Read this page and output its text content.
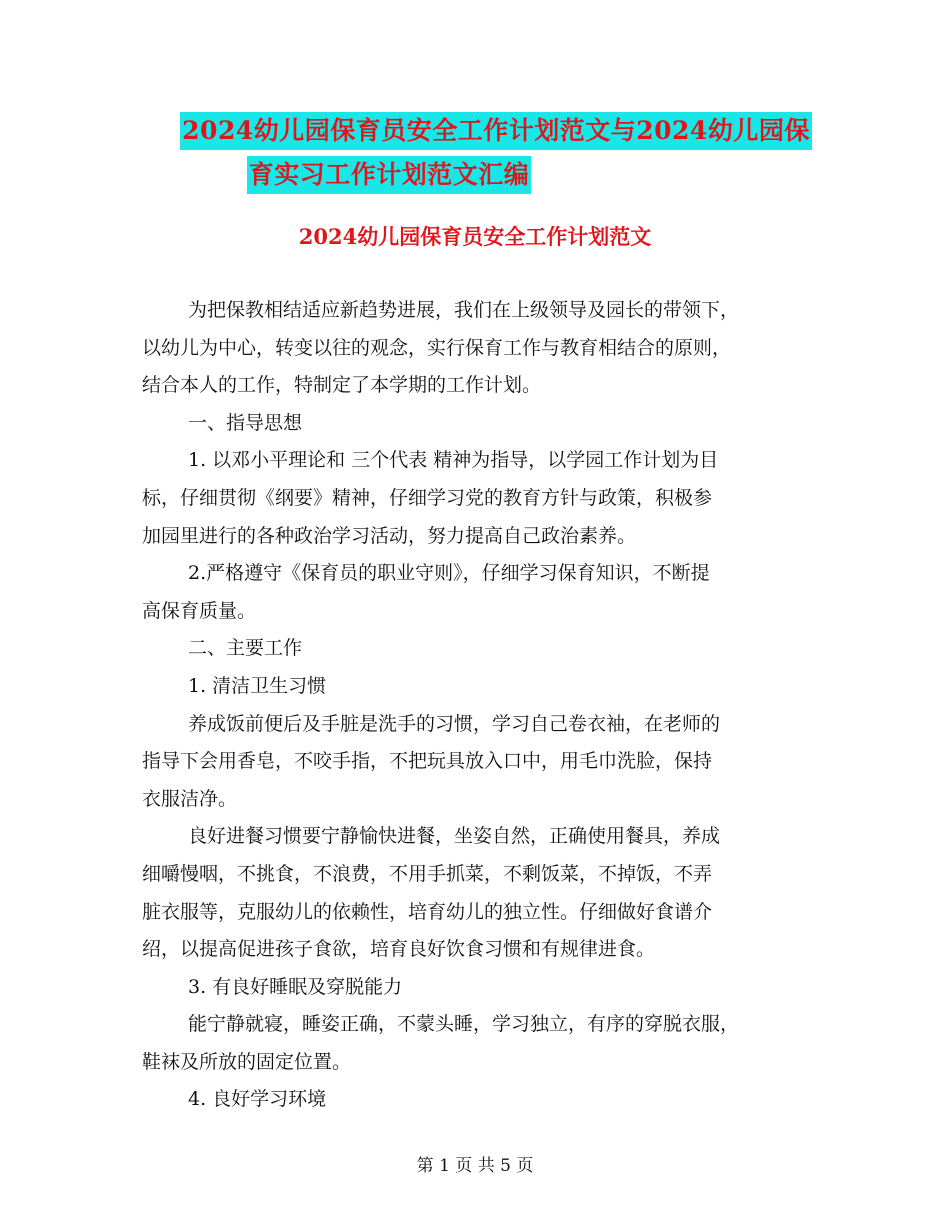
2024幼儿园保育员安全工作计划范文与2024幼儿园保
育实习工作计划范文汇编
2024幼儿园保育员安全工作计划范文
为把保教相结适应新趋势进展，我们在上级领导及园长的带领下，
以幼儿为中心，转变以往的观念，实行保育工作与教育相结合的原则，
结合本人的工作，特制定了本学期的工作计划。
一、指导思想
1. 以邓小平理论和 三个代表 精神为指导，以学园工作计划为目
标，仔细贯彻《纲要》精神，仔细学习党的教育方针与政策，积极参
加园里进行的各种政治学习活动，努力提高自己政治素养。
2.严格遵守《保育员的职业守则》，仔细学习保育知识，不断提
高保育质量。
二、主要工作
1. 清洁卫生习惯
养成饭前便后及手脏是洗手的习惯，学习自己卷衣袖，在老师的
指导下会用香皂，不咬手指，不把玩具放入口中，用毛巾洗脸，保持
衣服洁净。
良好进餐习惯要宁静愉快进餐，坐姿自然，正确使用餐具，养成
细嚼慢咽，不挑食，不浪费，不用手抓菜，不剩饭菜，不掉饭，不弄
脏衣服等，克服幼儿的依赖性，培育幼儿的独立性。仔细做好食谱介
绍，以提高促进孩子食欲，培育良好饮食习惯和有规律进食。
3. 有良好睡眠及穿脱能力
能宁静就寝，睡姿正确，不蒙头睡，学习独立，有序的穿脱衣服，
鞋袜及所放的固定位置。
4. 良好学习环境
第 1 页 共 5 页
